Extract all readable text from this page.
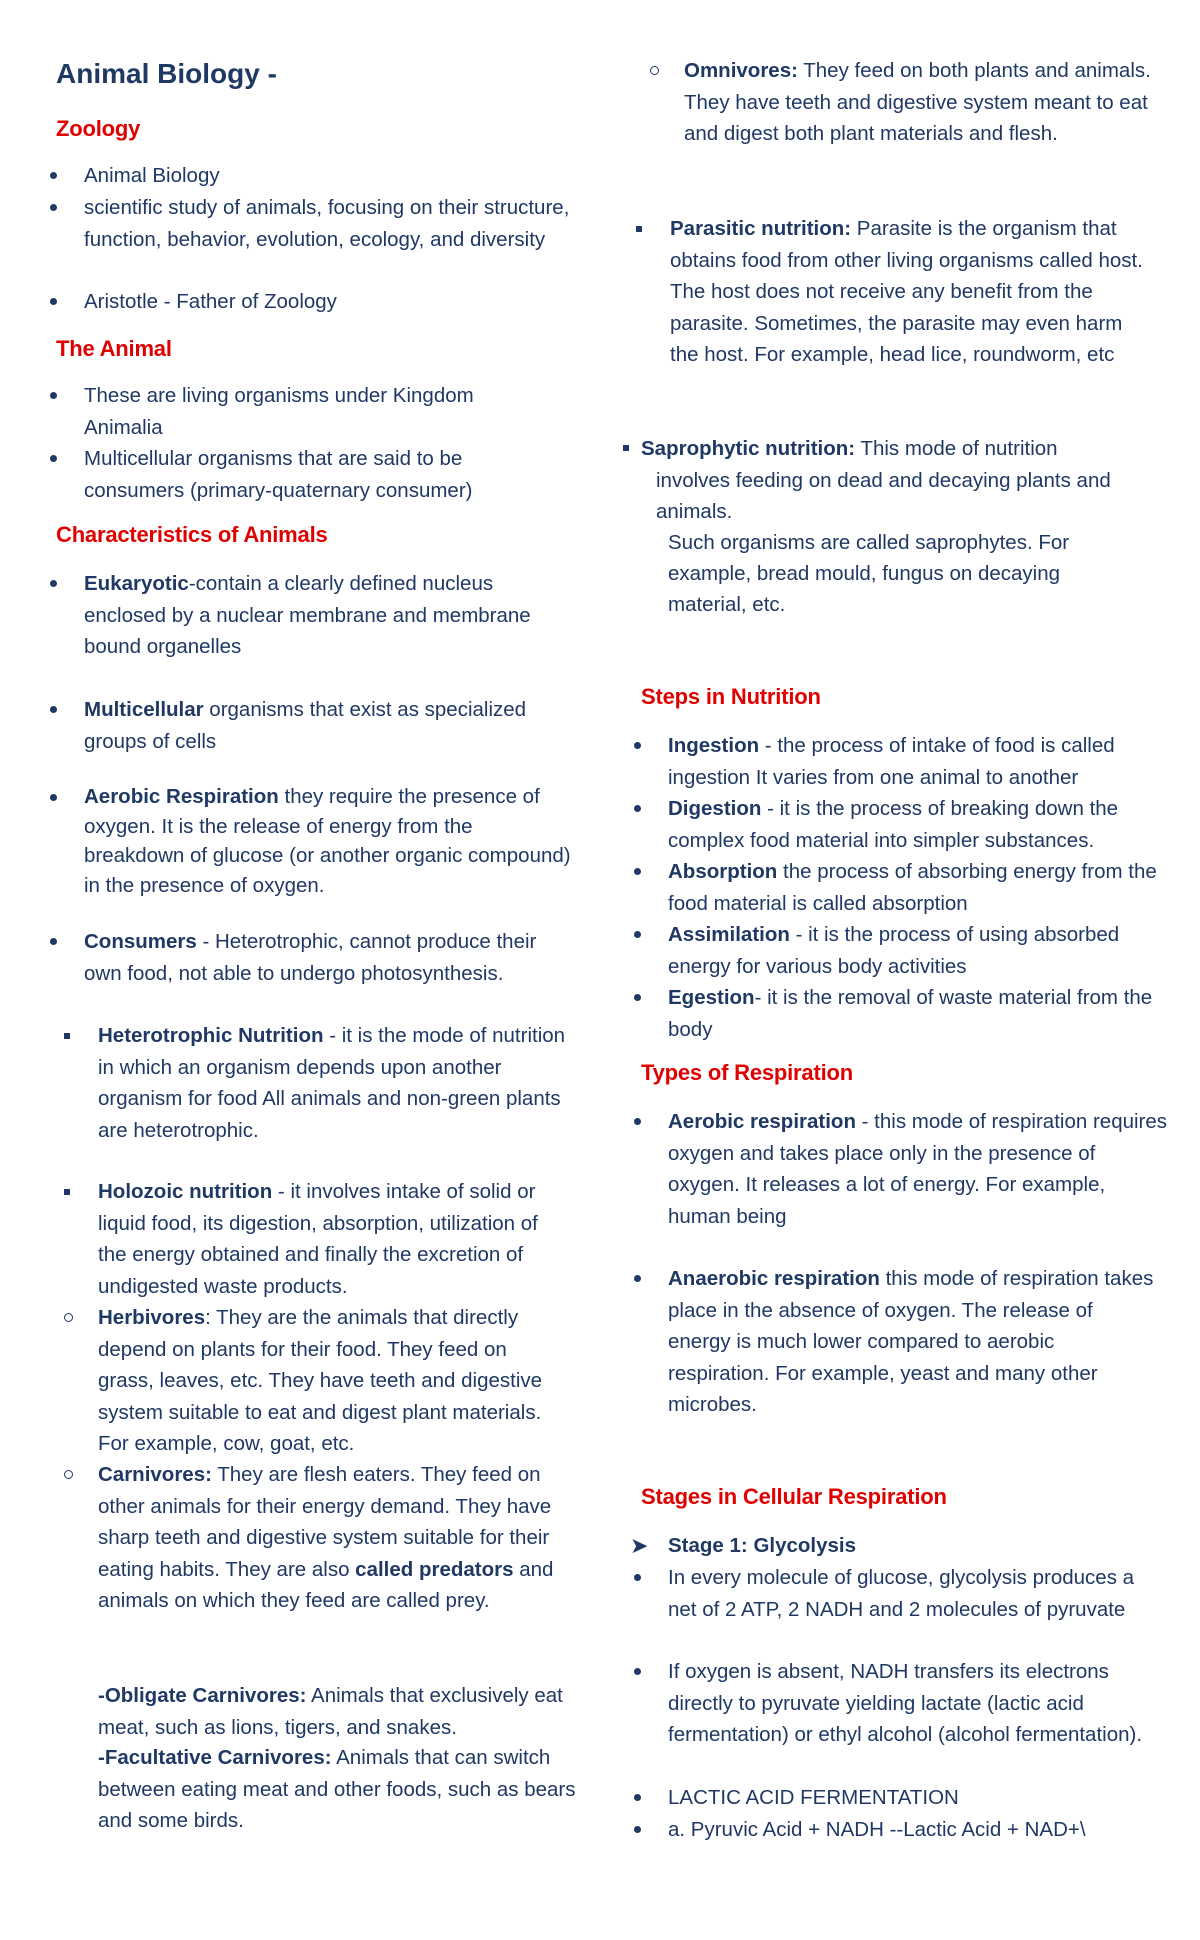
Animal Biology -
Zoology
Animal Biology
scientific study of animals, focusing on their structure, function, behavior, evolution, ecology, and diversity
Aristotle - Father of Zoology
The Animal
These are living organisms under Kingdom Animalia
Multicellular organisms that are said to be consumers (primary-quaternary consumer)
Characteristics of Animals
Eukaryotic-contain a clearly defined nucleus enclosed by a nuclear membrane and membrane bound organelles
Multicellular organisms that exist as specialized groups of cells
Aerobic Respiration they require the presence of oxygen. It is the release of energy from the breakdown of glucose (or another organic compound) in the presence of oxygen.
Consumers - Heterotrophic, cannot produce their own food, not able to undergo photosynthesis.
Heterotrophic Nutrition - it is the mode of nutrition in which an organism depends upon another organism for food All animals and non-green plants are heterotrophic.
Holozoic nutrition - it involves intake of solid or liquid food, its digestion, absorption, utilization of the energy obtained and finally the excretion of undigested waste products.
Herbivores: They are the animals that directly depend on plants for their food. They feed on grass, leaves, etc. They have teeth and digestive system suitable to eat and digest plant materials. For example, cow, goat, etc.
Carnivores: They are flesh eaters. They feed on other animals for their energy demand. They have sharp teeth and digestive system suitable for their eating habits. They are also called predators and animals on which they feed are called prey.
-Obligate Carnivores: Animals that exclusively eat meat, such as lions, tigers, and snakes.
-Facultative Carnivores: Animals that can switch between eating meat and other foods, such as bears and some birds.
Omnivores: They feed on both plants and animals. They have teeth and digestive system meant to eat and digest both plant materials and flesh.
Parasitic nutrition: Parasite is the organism that obtains food from other living organisms called host. The host does not receive any benefit from the parasite. Sometimes, the parasite may even harm the host. For example, head lice, roundworm, etc
Saprophytic nutrition: This mode of nutrition
involves feeding on dead and decaying plants and
animals.
Such organisms are called saprophytes. For
example, bread mould, fungus on decaying
material, etc.
Steps in Nutrition
Ingestion - the process of intake of food is called ingestion It varies from one animal to another
Digestion - it is the process of breaking down the complex food material into simpler substances.
Absorption the process of absorbing energy from the food material is called absorption
Assimilation - it is the process of using absorbed energy for various body activities
Egestion- it is the removal of waste material from the body
Types of Respiration
Aerobic respiration - this mode of respiration requires oxygen and takes place only in the presence of oxygen. It releases a lot of energy. For example, human being
Anaerobic respiration this mode of respiration takes place in the absence of oxygen. The release of energy is much lower compared to aerobic respiration. For example, yeast and many other microbes.
Stages in Cellular Respiration
➤ Stage 1: Glycolysis
In every molecule of glucose, glycolysis produces a net of 2 ATP, 2 NADH and 2 molecules of pyruvate
If oxygen is absent, NADH transfers its electrons directly to pyruvate yielding lactate (lactic acid fermentation) or ethyl alcohol (alcohol fermentation).
LACTIC ACID FERMENTATION
a. Pyruvic Acid + NADH --Lactic Acid + NAD+\
